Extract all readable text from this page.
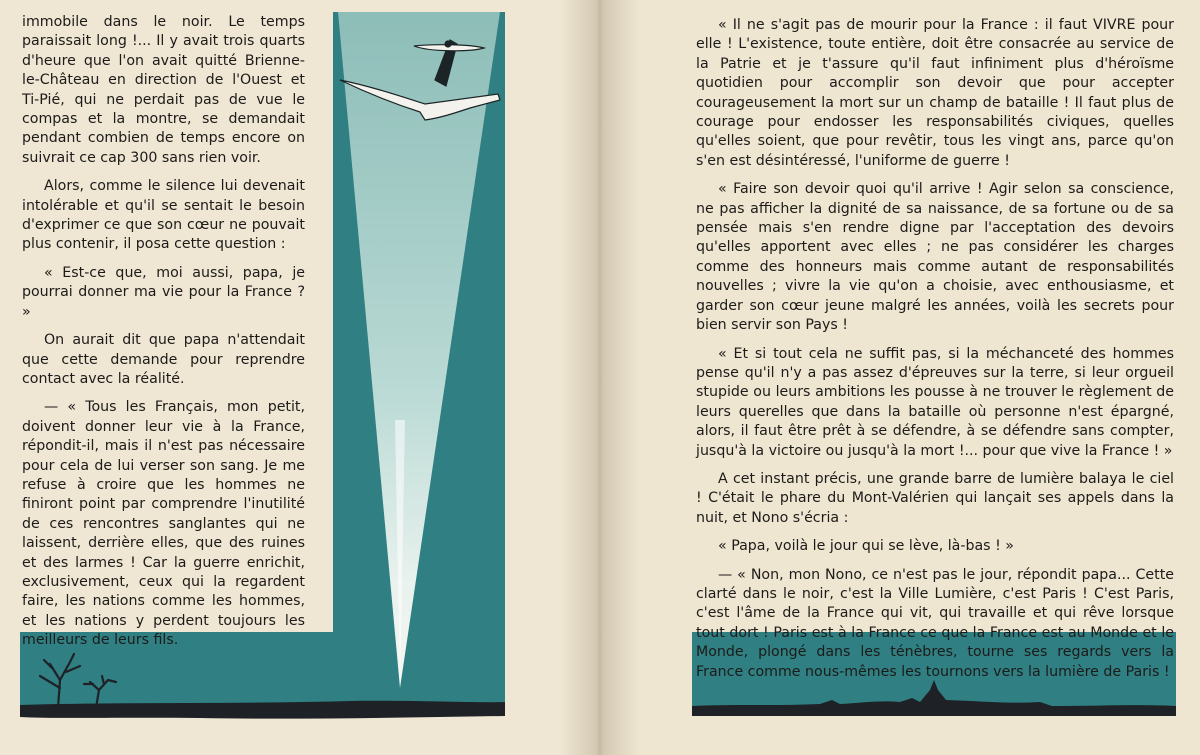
immobile dans le noir. Le temps paraissait long !... Il y avait trois quarts d'heure que l'on avait quitté Brienne-le-Château en direction de l'Ouest et Ti-Pié, qui ne perdait pas de vue le compas et la montre, se demandait pendant combien de temps encore on suivrait ce cap 300 sans rien voir.

Alors, comme le silence lui devenait intolérable et qu'il se sentait le besoin d'exprimer ce que son cœur ne pouvait plus contenir, il posa cette question :

« Est-ce que, moi aussi, papa, je pourrai donner ma vie pour la France ? »

On aurait dit que papa n'attendait que cette demande pour reprendre contact avec la réalité.

— « Tous les Français, mon petit, doivent donner leur vie à la France, répondit-il, mais il n'est pas nécessaire pour cela de lui verser son sang. Je me refuse à croire que les hommes ne finiront point par comprendre l'inutilité de ces rencontres sanglantes qui ne laissent, derrière elles, que des ruines et des larmes ! Car la guerre enrichit, exclusivement, ceux qui la regardent faire, les nations comme les hommes, et les nations y perdent toujours les meilleurs de leurs fils.

« Il ne s'agit pas de mourir pour la France : il faut VIVRE pour elle ! L'existence, toute entière, doit être consacrée au service de la Patrie et je t'assure qu'il faut infiniment plus d'héroïsme quotidien pour accomplir son devoir que pour accepter courageusement la mort sur un champ de bataille ! Il faut plus de courage pour endosser les responsabilités civiques, quelles qu'elles soient, que pour revêtir, tous les vingt ans, parce qu'on s'en est désintéressé, l'uniforme de guerre !

« Faire son devoir quoi qu'il arrive ! Agir selon sa conscience, ne pas afficher la dignité de sa naissance, de sa fortune ou de sa pensée mais s'en rendre digne par l'acceptation des devoirs qu'elles apportent avec elles ; ne pas considérer les charges comme des honneurs mais comme autant de responsabilités nouvelles ; vivre la vie qu'on a choisie, avec enthousiasme, et garder son cœur jeune malgré les années, voilà les secrets pour bien servir son Pays !

« Et si tout cela ne suffit pas, si la méchanceté des hommes pense qu'il n'y a pas assez d'épreuves sur la terre, si leur orgueil stupide ou leurs ambitions les pousse à ne trouver le règlement de leurs querelles que dans la bataille où personne n'est épargné, alors, il faut être prêt à se défendre, à se défendre sans compter, jusqu'à la victoire ou jusqu'à la mort !... pour que vive la France ! »

A cet instant précis, une grande barre de lumière balaya le ciel ! C'était le phare du Mont-Valérien qui lançait ses appels dans la nuit, et Nono s'écria :

« Papa, voilà le jour qui se lève, là-bas ! »

— « Non, mon Nono, ce n'est pas le jour, répondit papa... Cette clarté dans le noir, c'est la Ville Lumière, c'est Paris ! C'est Paris, c'est l'âme de la France qui vit, qui travaille et qui rêve lorsque tout dort ! Paris est à la France ce que la France est au Monde et le Monde, plongé dans les ténèbres, tourne ses regards vers la France comme nous-mêmes les tournons vers la lumière de Paris !
